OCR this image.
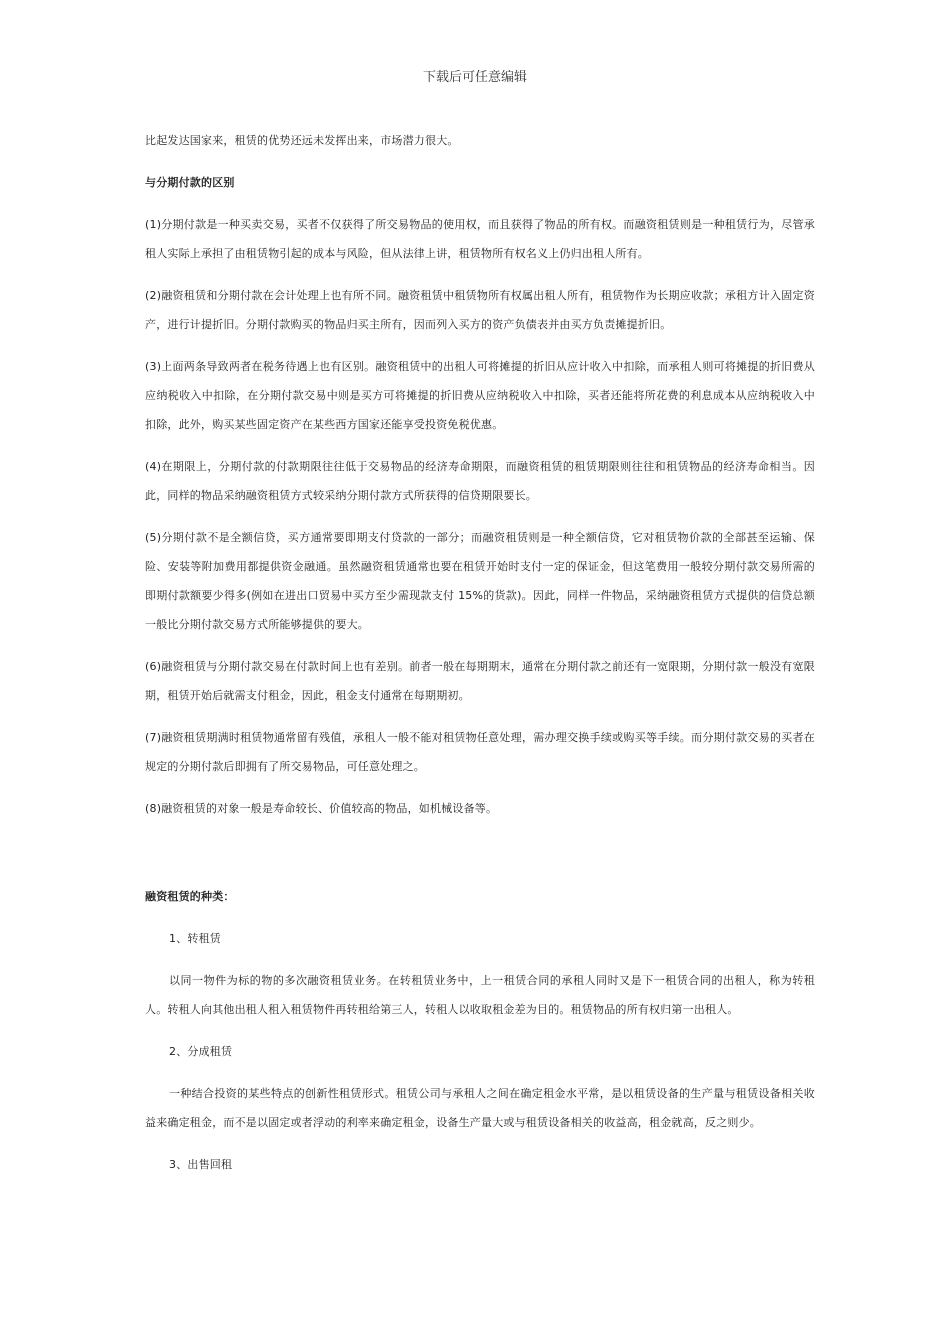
下载后可任意编辑

比起发达国家来，租赁的优势还远未发挥出来，市场潜力很大。

与分期付款的区别

(1)分期付款是一种买卖交易，买者不仅获得了所交易物品的使用权，而且获得了物品的所有权。而融资租赁则是一种租赁行为，尽管承租人实际上承担了由租赁物引起的成本与风险，但从法律上讲，租赁物所有权名义上仍归出租人所有。

(2)融资租赁和分期付款在会计处理上也有所不同。融资租赁中租赁物所有权属出租人所有，租赁物作为长期应收款；承租方计入固定资产，进行计提折旧。分期付款购买的物品归买主所有，因而列入买方的资产负债表并由买方负责摊提折旧。

(3)上面两条导致两者在税务待遇上也有区别。融资租赁中的出租人可将摊提的折旧从应计收入中扣除，而承租人则可将摊提的折旧费从应纳税收入中扣除，在分期付款交易中则是买方可将摊提的折旧费从应纳税收入中扣除，买者还能将所花费的利息成本从应纳税收入中扣除，此外，购买某些固定资产在某些西方国家还能享受投资免税优惠。

(4)在期限上，分期付款的付款期限往往低于交易物品的经济寿命期限，而融资租赁的租赁期限则往往和租赁物品的经济寿命相当。因此，同样的物品采纳融资租赁方式较采纳分期付款方式所获得的信贷期限要长。

(5)分期付款不是全额信贷，买方通常要即期支付贷款的一部分；而融资租赁则是一种全额信贷，它对租赁物价款的全部甚至运输、保险、安装等附加费用都提供资金融通。虽然融资租赁通常也要在租赁开始时支付一定的保证金，但这笔费用一般较分期付款交易所需的即期付款额要少得多(例如在进出口贸易中买方至少需现款支付 15%的货款)。因此，同样一件物品，采纳融资租赁方式提供的信贷总额一般比分期付款交易方式所能够提供的要大。

(6)融资租赁与分期付款交易在付款时间上也有差别。前者一般在每期期末，通常在分期付款之前还有一宽限期，分期付款一般没有宽限期，租赁开始后就需支付租金，因此，租金支付通常在每期期初。

(7)融资租赁期满时租赁物通常留有残值，承租人一般不能对租赁物任意处理，需办理交换手续或购买等手续。而分期付款交易的买者在规定的分期付款后即拥有了所交易物品，可任意处理之。

(8)融资租赁的对象一般是寿命较长、价值较高的物品，如机械设备等。

融资租赁的种类：

1、转租赁

以同一物件为标的物的多次融资租赁业务。在转租赁业务中，上一租赁合同的承租人同时又是下一租赁合同的出租人，称为转租人。转租人向其他出租人租入租赁物件再转租给第三人，转租人以收取租金差为目的。租赁物品的所有权归第一出租人。

2、分成租赁

一种结合投资的某些特点的创新性租赁形式。租赁公司与承租人之间在确定租金水平常，是以租赁设备的生产量与租赁设备相关收益来确定租金，而不是以固定或者浮动的利率来确定租金，设备生产量大或与租赁设备相关的收益高，租金就高，反之则少。

3、出售回租
